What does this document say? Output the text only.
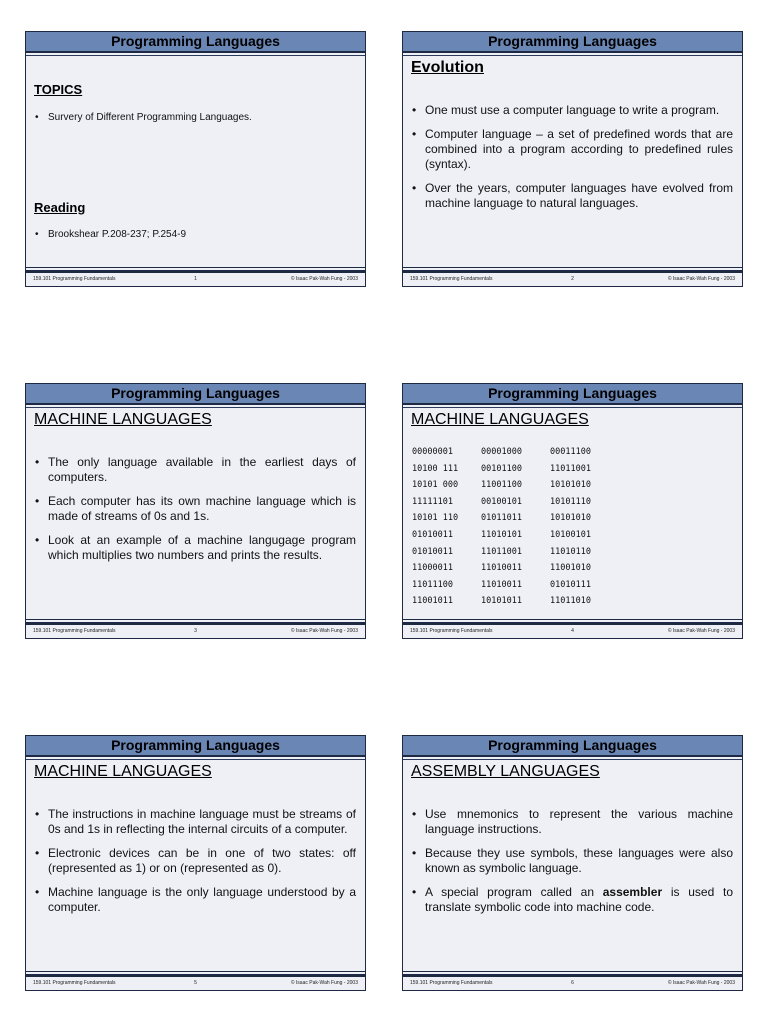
Programming Languages
TOPICS
• Survery of Different Programming Languages.
Reading
• Brookshear P.208-237; P.254-9
159.101 Programming Fundamentals	1	© Isaac Pak-Wah Fung - 2003
Programming Languages
Evolution
• One must use a computer language to write a program.
• Computer language – a set of predefined words that are combined into a program according to predefined rules (syntax).
• Over the years, computer languages have evolved from machine language to natural languages.
159.101 Programming Fundamentals	2	© Isaac Pak-Wah Fung - 2003
Programming Languages
MACHINE LANGUAGES
• The only language available in the earliest days of computers.
• Each computer has its own machine language which is made of streams of 0s and 1s.
• Look at an example of a machine langugage program which multiplies two numbers and prints the results.
159.101 Programming Fundamentals	3	© Isaac Pak-Wah Fung - 2003
Programming Languages
MACHINE LANGUAGES
00000001	00001000	00011100
10100 111	00101100	11011001
10101 000	11001100	10101010
11111101	00100101	10101110
10101 110	01011011	10101010
01010011	11010101	10100101
01010011	11011001	11010110
11000011	11010011	11001010
11011100	11010011	01010111
11001011	10101011	11011010
159.101 Programming Fundamentals	4	© Isaac Pak-Wah Fung - 2003
Programming Languages
MACHINE LANGUAGES
• The instructions in machine language must be streams of 0s and 1s in reflecting the internal circuits of a computer.
• Electronic devices can be in one of two states: off (represented as 1) or on (represented as 0).
• Machine language is the only language understood by a computer.
159.101 Programming Fundamentals	5	© Isaac Pak-Wah Fung - 2003
Programming Languages
ASSEMBLY LANGUAGES
• Use mnemonics to represent the various machine language instructions.
• Because they use symbols, these languages were also known as symbolic language.
• A special program called an assembler is used to translate symbolic code into machine code.
159.101 Programming Fundamentals	6	© Isaac Pak-Wah Fung - 2003
